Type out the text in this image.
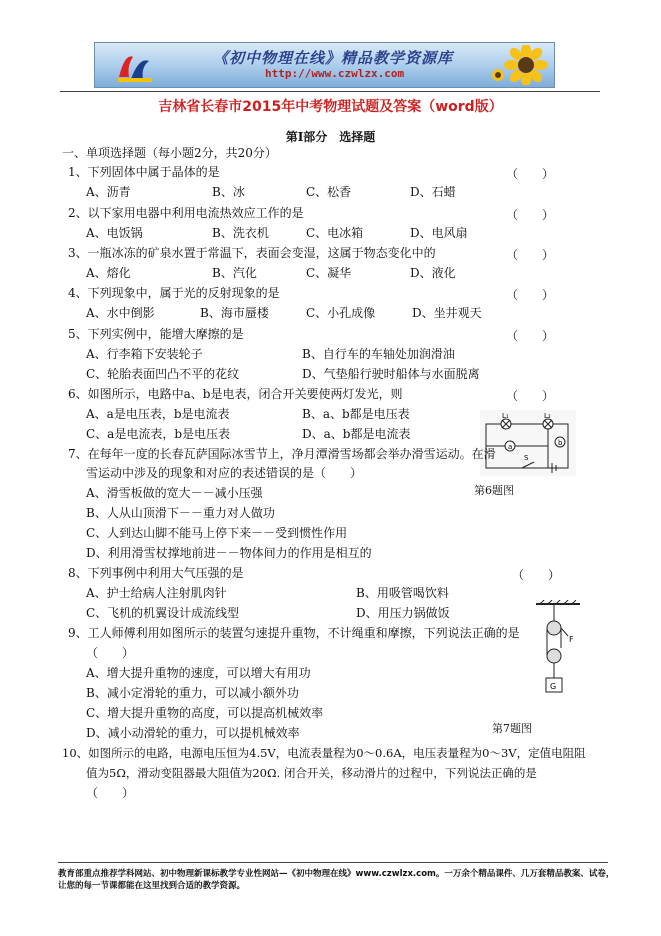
《初中物理在线》精品教学资源库
http://www.czwlzx.com
吉林省长春市2015年中考物理试题及答案（word版）
第Ⅰ部分　选择题
一、单项选择题（每小题2分，共20分）
1、下列固体中属于晶体的是	（　　）
A、沥青	B、冰	C、松香	D、石蜡
2、以下家用电器中利用电流热效应工作的是	（　　）
A、电饭锅	B、洗衣机	C、电冰箱	D、电风扇
3、一瓶冰冻的矿泉水置于常温下，表面会变湿，这属于物态变化中的	（　　）
A、熔化	B、汽化	C、凝华	D、液化
4、下列现象中，属于光的反射现象的是	（　　）
A、水中倒影	B、海市蜃楼	C、小孔成像	D、坐井观天
5、下列实例中，能增大摩擦的是	（　　）
A、行李箱下安装轮子	B、自行车的车轴处加润滑油
C、轮胎表面凹凸不平的花纹	D、气垫船行驶时船体与水面脱离
6、如图所示，电路中a、b是电表，闭合开关要使两灯发光，则	（　　）
A、a是电压表，b是电流表	B、a、b都是电压表
C、a是电流表，b是电压表	D、a、b都是电流表
L₁	L₂
a	b
S
第6题图
7、在每年一度的长春瓦萨国际冰雪节上，净月潭滑雪场都会举办滑雪运动。在滑
雪运动中涉及的现象和对应的表述错误的是（　　）
A、滑雪板做的宽大－－减小压强
B、人从山顶滑下－－重力对人做功
C、人到达山脚不能马上停下来－－受到惯性作用
D、利用滑雪杖撑地前进－－物体间力的作用是相互的
8、下列事例中利用大气压强的是	（　　）
A、护士给病人注射肌肉针	B、用吸管喝饮料
C、飞机的机翼设计成流线型	D、用压力锅做饭
F
G
第7题图
9、工人师傅利用如图所示的装置匀速提升重物，不计绳重和摩擦，下列说法正确的是
（　　）
A、增大提升重物的速度，可以增大有用功
B、减小定滑轮的重力，可以减小额外功
C、增大提升重物的高度，可以提高机械效率
D、减小动滑轮的重力，可以提机械效率
10、如图所示的电路，电源电压恒为4.5V，电流表量程为0～0.6A，电压表量程为0～3V，定值电阻阻
值为5Ω，滑动变阻器最大阻值为20Ω. 闭合开关，移动滑片的过程中，下列说法正确的是
（　　）
教育部重点推荐学科网站、初中物理新课标教学专业性网站—《初中物理在线》www.czwlzx.com。一万余个精品课件、几万套精品教案、试卷，让您的每一节课都能在这里找到合适的教学资源。
